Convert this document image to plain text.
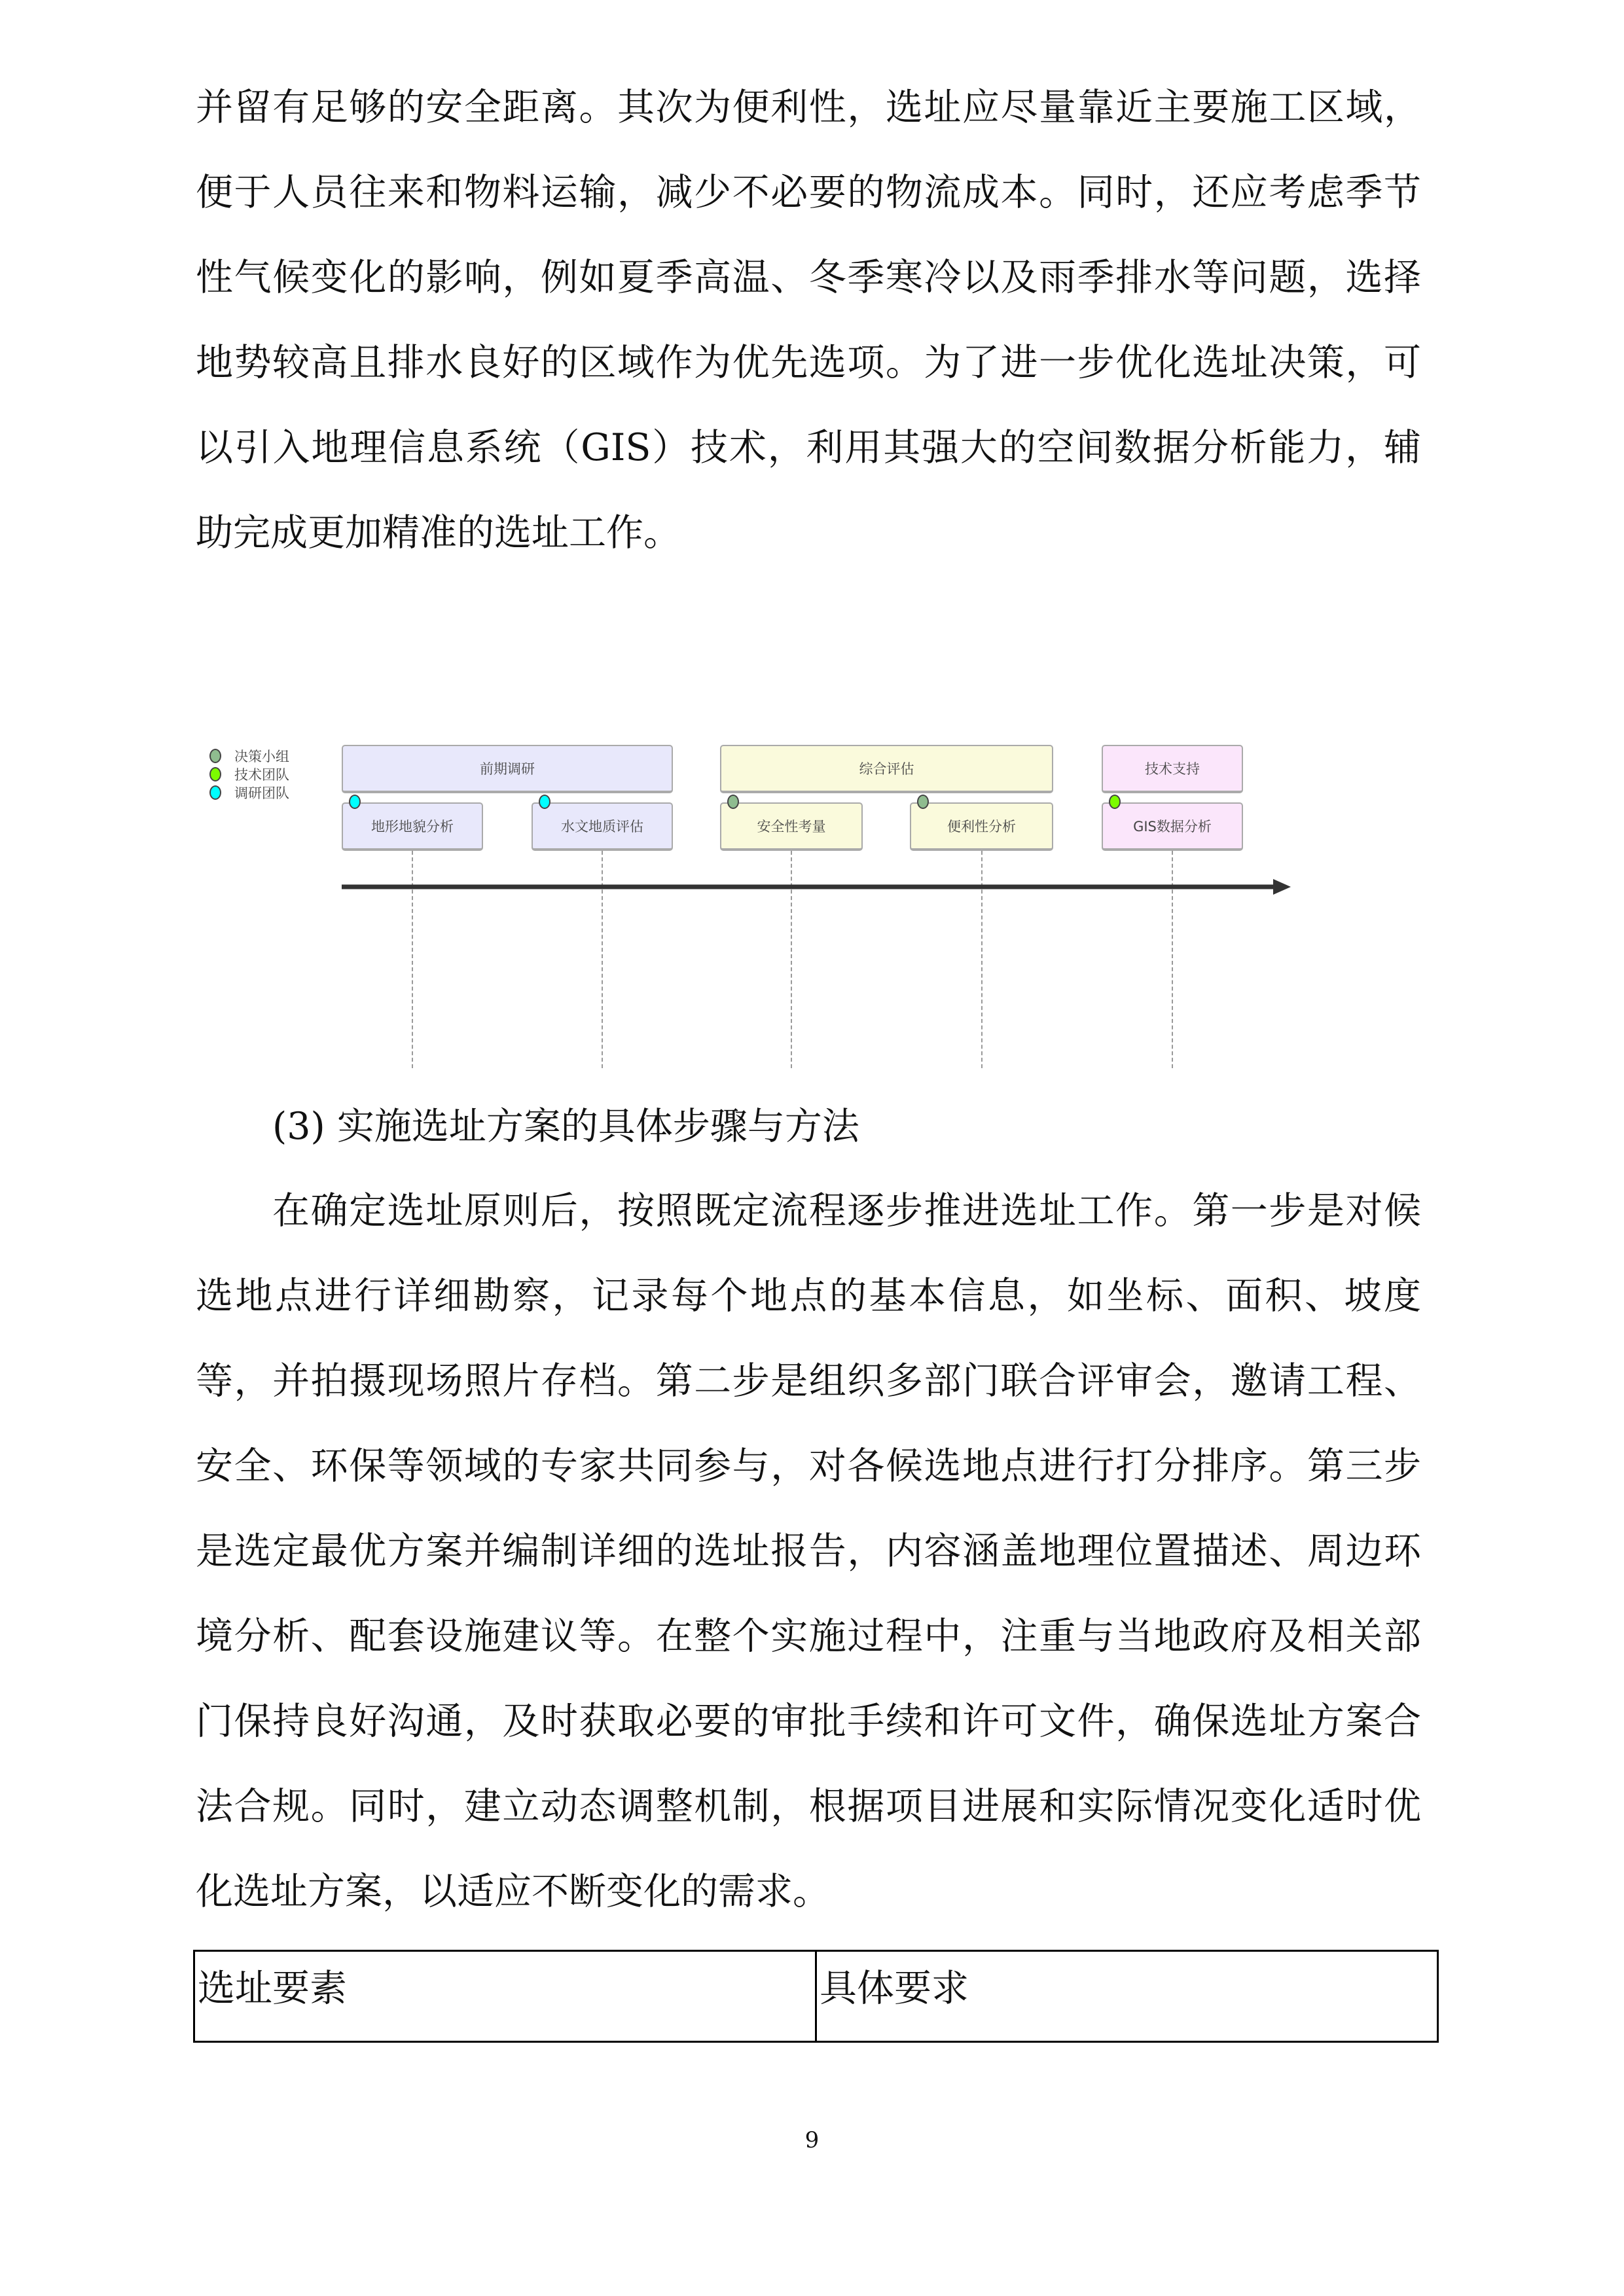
并留有足够的安全距离。其次为便利性，选址应尽量靠近主要施工区域，
便于人员往来和物料运输，减少不必要的物流成本。同时，还应考虑季节
性气候变化的影响，例如夏季高温、冬季寒冷以及雨季排水等问题，选择
地势较高且排水良好的区域作为优先选项。为了进一步优化选址决策，可
以引入地理信息系统（GIS）技术，利用其强大的空间数据分析能力，辅
助完成更加精准的选址工作。
决策小组
技术团队
调研团队
前期调研	综合评估	技术支持
地形地貌分析	水文地质评估	安全性考量	便利性分析	GIS数据分析
(3) 实施选址方案的具体步骤与方法
在确定选址原则后，按照既定流程逐步推进选址工作。第一步是对候
选地点进行详细勘察，记录每个地点的基本信息，如坐标、面积、坡度
等，并拍摄现场照片存档。第二步是组织多部门联合评审会，邀请工程、
安全、环保等领域的专家共同参与，对各候选地点进行打分排序。第三步
是选定最优方案并编制详细的选址报告，内容涵盖地理位置描述、周边环
境分析、配套设施建议等。在整个实施过程中，注重与当地政府及相关部
门保持良好沟通，及时获取必要的审批手续和许可文件，确保选址方案合
法合规。同时，建立动态调整机制，根据项目进展和实际情况变化适时优
化选址方案，以适应不断变化的需求。
选址要素	具体要求
9
